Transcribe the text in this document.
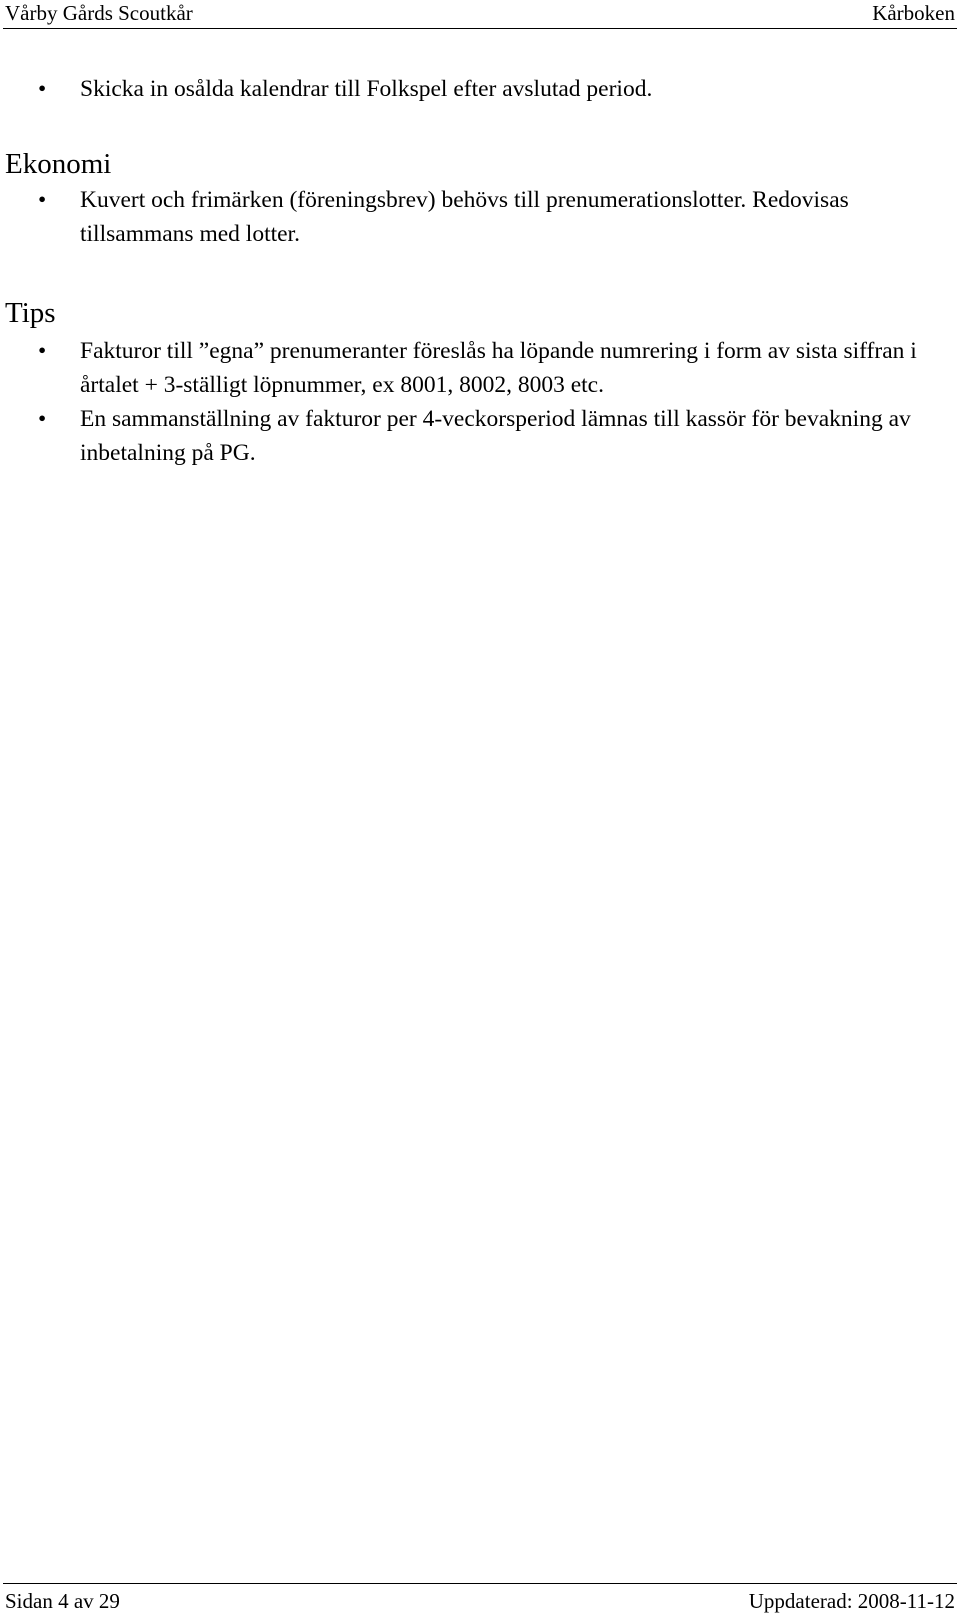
Vårby Gårds Scoutkår	Kårboken
• Skicka in osålda kalendrar till Folkspel efter avslutad period.
Ekonomi
• Kuvert och frimärken (föreningsbrev) behövs till prenumerationslotter. Redovisas tillsammans med lotter.
Tips
• Fakturor till ”egna” prenumeranter föreslås ha löpande numrering i form av sista siffran i årtalet + 3-ställigt löpnummer, ex 8001, 8002, 8003 etc.
• En sammanställning av fakturor per 4-veckorsperiod lämnas till kassör för bevakning av inbetalning på PG.
Sidan 4 av 29	Uppdaterad: 2008-11-12
